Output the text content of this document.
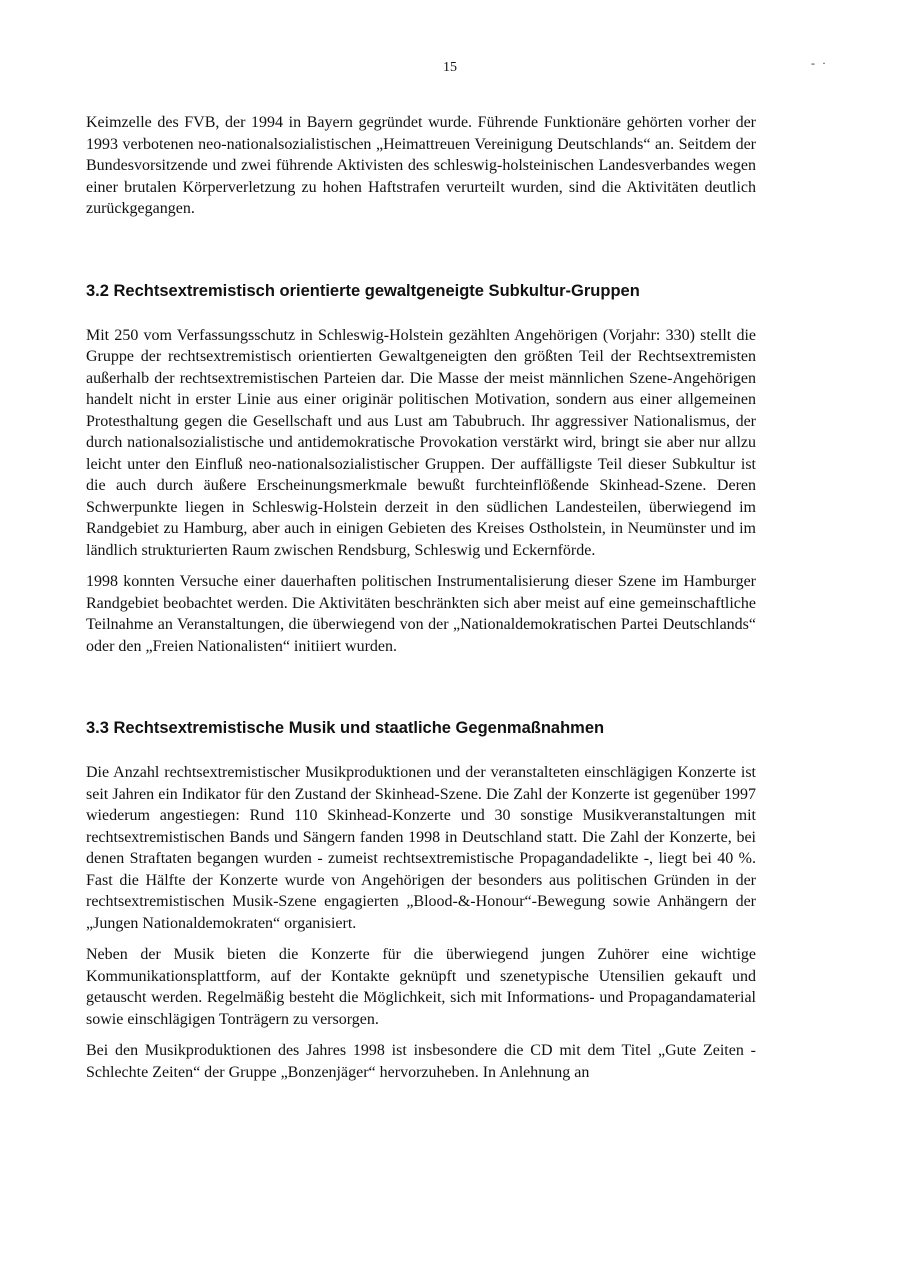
15	- ·

Keimzelle des FVB, der 1994 in Bayern gegründet wurde. Führende Funktionäre gehörten vorher der 1993 verbotenen neo-nationalsozialistischen „Heimattreuen Vereinigung Deutschlands“ an. Seitdem der Bundesvorsitzende und zwei führende Aktivisten des schleswig-holsteinischen Landesverbandes wegen einer brutalen Körperverletzung zu hohen Haftstrafen verurteilt wurden, sind die Aktivitäten deutlich zurückgegangen.

3.2 Rechtsextremistisch orientierte gewaltgeneigte Subkultur-Gruppen

Mit 250 vom Verfassungsschutz in Schleswig-Holstein gezählten Angehörigen (Vorjahr: 330) stellt die Gruppe der rechtsextremistisch orientierten Gewaltgeneigten den größten Teil der Rechtsextremisten außerhalb der rechtsextremistischen Parteien dar. Die Masse der meist männlichen Szene-Angehörigen handelt nicht in erster Linie aus einer originär politischen Motivation, sondern aus einer allgemeinen Protesthaltung gegen die Gesellschaft und aus Lust am Tabubruch. Ihr aggressiver Nationalismus, der durch nationalsozialistische und antidemokratische Provokation verstärkt wird, bringt sie aber nur allzu leicht unter den Einfluß neo-nationalsozialistischer Gruppen. Der auffälligste Teil dieser Subkultur ist die auch durch äußere Erscheinungsmerkmale bewußt furchteinflößende Skinhead-Szene. Deren Schwerpunkte liegen in Schleswig-Holstein derzeit in den südlichen Landesteilen, überwiegend im Randgebiet zu Hamburg, aber auch in einigen Gebieten des Kreises Ostholstein, in Neumünster und im ländlich strukturierten Raum zwischen Rendsburg, Schleswig und Eckernförde.

1998 konnten Versuche einer dauerhaften politischen Instrumentalisierung dieser Szene im Hamburger Randgebiet beobachtet werden. Die Aktivitäten beschränkten sich aber meist auf eine gemeinschaftliche Teilnahme an Veranstaltungen, die überwiegend von der „Nationaldemokratischen Partei Deutschlands“ oder den „Freien Nationalisten“ initiiert wurden.

3.3 Rechtsextremistische Musik und staatliche Gegenmaßnahmen

Die Anzahl rechtsextremistischer Musikproduktionen und der veranstalteten einschlägigen Konzerte ist seit Jahren ein Indikator für den Zustand der Skinhead-Szene. Die Zahl der Konzerte ist gegenüber 1997 wiederum angestiegen: Rund 110 Skinhead-Konzerte und 30 sonstige Musikveranstaltungen mit rechtsextremistischen Bands und Sängern fanden 1998 in Deutschland statt. Die Zahl der Konzerte, bei denen Straftaten begangen wurden - zumeist rechtsextremistische Propagandadelikte -, liegt bei 40 %. Fast die Hälfte der Konzerte wurde von Angehörigen der besonders aus politischen Gründen in der rechtsextremistischen Musik-Szene engagierten „Blood-&-Honour“-Bewegung sowie Anhängern der „Jungen Nationaldemokraten“ organisiert.

Neben der Musik bieten die Konzerte für die überwiegend jungen Zuhörer eine wichtige Kommunikationsplattform, auf der Kontakte geknüpft und szenetypische Utensilien gekauft und getauscht werden. Regelmäßig besteht die Möglichkeit, sich mit Informations- und Propagandamaterial sowie einschlägigen Tonträgern zu versorgen.

Bei den Musikproduktionen des Jahres 1998 ist insbesondere die CD mit dem Titel „Gute Zeiten - Schlechte Zeiten“ der Gruppe „Bonzenjäger“ hervorzuheben. In Anlehnung an
